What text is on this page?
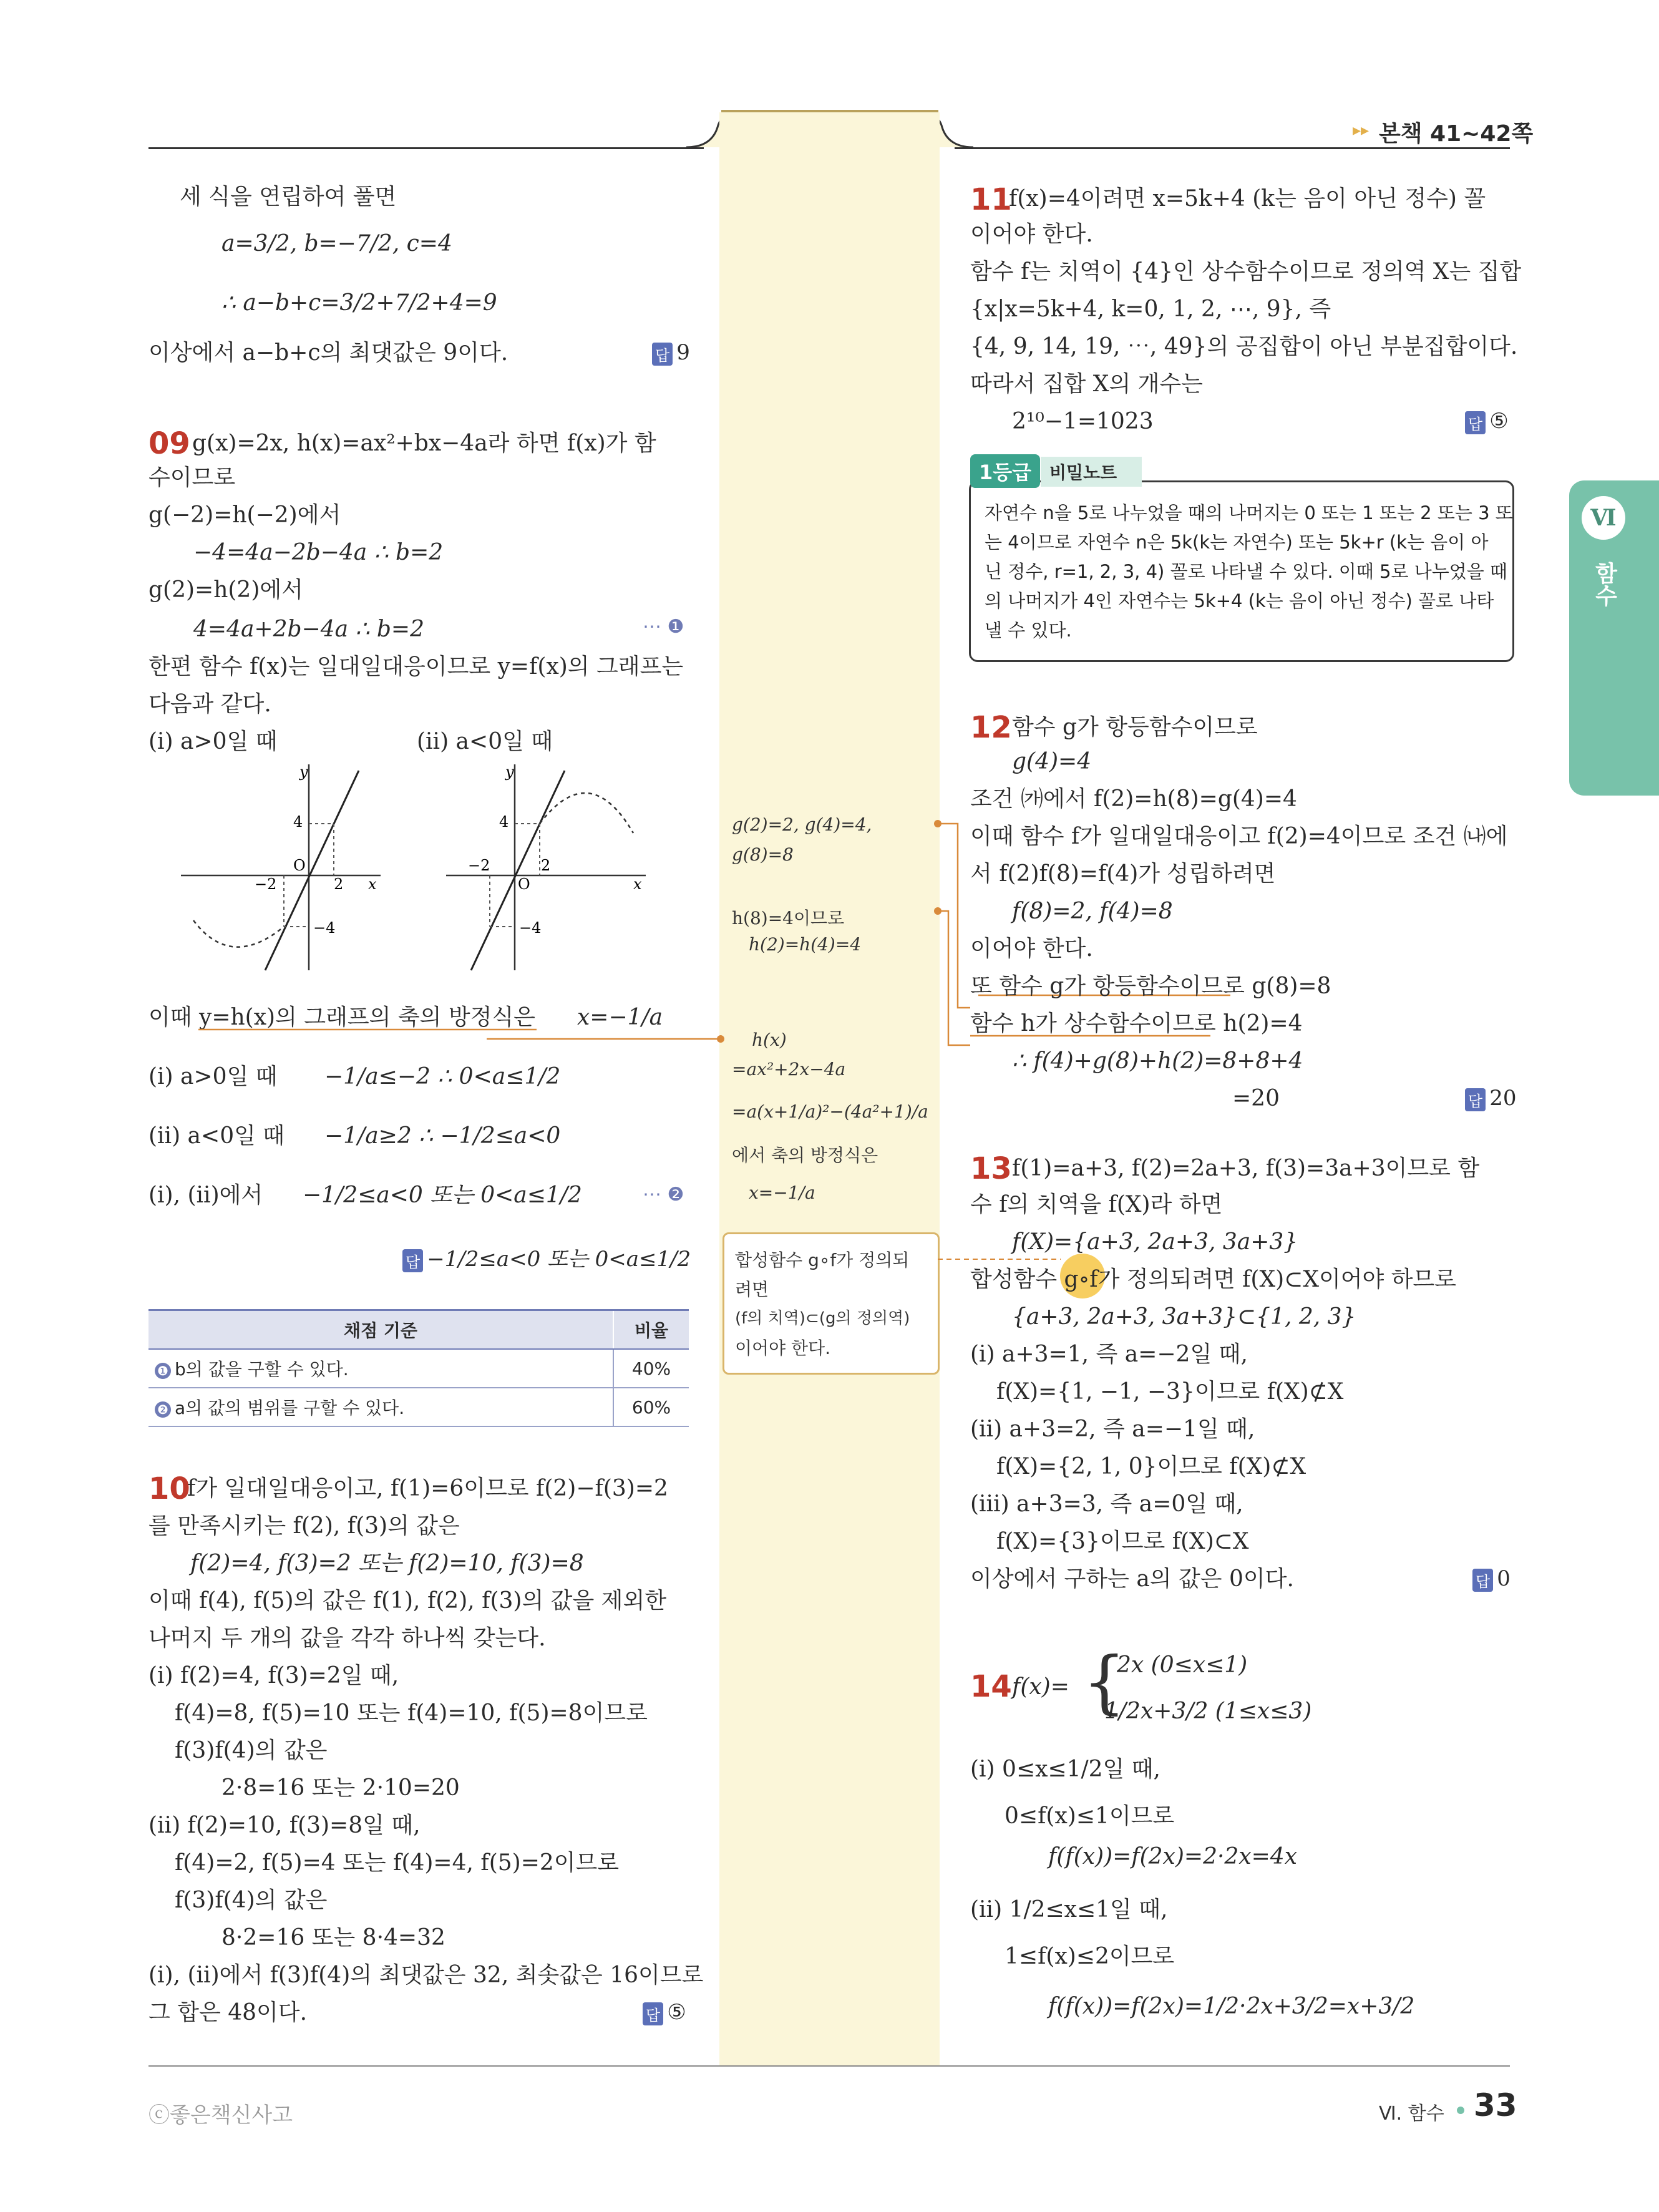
▸▸ 본책 41~42쪽
Ⅵ
함수
세 식을 연립하여 풀면
a=3/2, b=−7/2, c=4
∴ a−b+c=3/2+7/2+4=9
이상에서 a−b+c의 최댓값은 9이다.	답 9
09 g(x)=2x, h(x)=ax²+bx−4a라 하면 f(x)가 함
수이므로
g(−2)=h(−2)에서
−4=4a−2b−4a ∴ b=2
g(2)=h(2)에서
4=4a+2b−4a ∴ b=2	⋯ ❶
한편 함수 f(x)는 일대일대응이므로 y=f(x)의 그래프는
다음과 같다.
(ⅰ) a>0일 때	(ⅱ) a<0일 때
y
x
O
4
−4
−2	2
y
x
O
4
−4
−2	2
이때 y=h(x)의 그래프의 축의 방정식은 x=−1/a
(ⅰ) a>0일 때 −1/a≤−2 ∴ 0<a≤1/2
(ⅱ) a<0일 때 −1/a≥2 ∴ −1/2≤a<0
(ⅰ), (ⅱ)에서 −1/2≤a<0 또는 0<a≤1/2	⋯ ❷
답 −1/2≤a<0 또는 0<a≤1/2
채점 기준	비율
❶ b의 값을 구할 수 있다.	40%
❷ a의 값의 범위를 구할 수 있다.	60%
10
f가 일대일대응이고, f(1)=6이므로 f(2)−f(3)=2
를 만족시키는 f(2), f(3)의 값은
f(2)=4, f(3)=2 또는 f(2)=10, f(3)=8
이때 f(4), f(5)의 값은 f(1), f(2), f(3)의 값을 제외한
나머지 두 개의 값을 각각 하나씩 갖는다.
(ⅰ) f(2)=4, f(3)=2일 때,
f(4)=8, f(5)=10 또는 f(4)=10, f(5)=8이므로
f(3)f(4)의 값은
2·8=16 또는 2·10=20
(ⅱ) f(2)=10, f(3)=8일 때,
f(4)=2, f(5)=4 또는 f(4)=4, f(5)=2이므로
f(3)f(4)의 값은
8·2=16 또는 8·4=32
(ⅰ), (ⅱ)에서 f(3)f(4)의 최댓값은 32, 최솟값은 16이므로
그 합은 48이다.	답 ⑤
g(2)=2, g(4)=4,
g(8)=8
h(8)=4이므로
h(2)=h(4)=4
h(x)
=ax²+2x−4a
=a(x+1/a)²−(4a²+1)/a
에서 축의 방정식은
x=−1/a
합성함수 g∘f가 정의되
려면
(f의 치역)⊂(g의 정의역)
이어야 한다.
11
f(x)=4이려면 x=5k+4 (k는 음이 아닌 정수) 꼴
이어야 한다.
함수 f는 치역이 {4}인 상수함수이므로 정의역 X는 집합
{x|x=5k+4, k=0, 1, 2, ⋯, 9}, 즉
{4, 9, 14, 19, ⋯, 49}의 공집합이 아닌 부분집합이다.
따라서 집합 X의 개수는
2¹⁰−1=1023	답 ⑤
1등급	비밀노트
자연수 n을 5로 나누었을 때의 나머지는 0 또는 1 또는 2 또는 3 또
는 4이므로 자연수 n은 5k(k는 자연수) 또는 5k+r (k는 음이 아
닌 정수, r=1, 2, 3, 4) 꼴로 나타낼 수 있다. 이때 5로 나누었을 때
의 나머지가 4인 자연수는 5k+4 (k는 음이 아닌 정수) 꼴로 나타
낼 수 있다.
12 함수 g가 항등함수이므로
g(4)=4
조건 ㈎에서 f(2)=h(8)=g(4)=4
이때 함수 f가 일대일대응이고 f(2)=4이므로 조건 ㈏에
서 f(2)f(8)=f(4)가 성립하려면
f(8)=2, f(4)=8
이어야 한다.
또 함수 g가 항등함수이므로 g(8)=8
함수 h가 상수함수이므로 h(2)=4
∴ f(4)+g(8)+h(2)=8+8+4
=20	답 20
13 f(1)=a+3, f(2)=2a+3, f(3)=3a+3이므로 함
수 f의 치역을 f(X)라 하면
f(X)={a+3, 2a+3, 3a+3}
합성함수 g∘f가 정의되려면 f(X)⊂X이어야 하므로
{a+3, 2a+3, 3a+3}⊂{1, 2, 3}
(ⅰ) a+3=1, 즉 a=−2일 때,
f(X)={1, −1, −3}이므로 f(X)⊄X
(ⅱ) a+3=2, 즉 a=−1일 때,
f(X)={2, 1, 0}이므로 f(X)⊄X
(ⅲ) a+3=3, 즉 a=0일 때,
f(X)={3}이므로 f(X)⊂X
이상에서 구하는 a의 값은 0이다.	답 0
14 f(x)= {
2x (0≤x≤1)
1/2x+3/2 (1≤x≤3)
(ⅰ) 0≤x≤1/2일 때,
0≤f(x)≤1이므로
f(f(x))=f(2x)=2·2x=4x
(ⅱ) 1/2≤x≤1일 때,
1≤f(x)≤2이므로
f(f(x))=f(2x)=1/2·2x+3/2=x+3/2
ⓒ좋은책신사고	Ⅵ. 함수 33
